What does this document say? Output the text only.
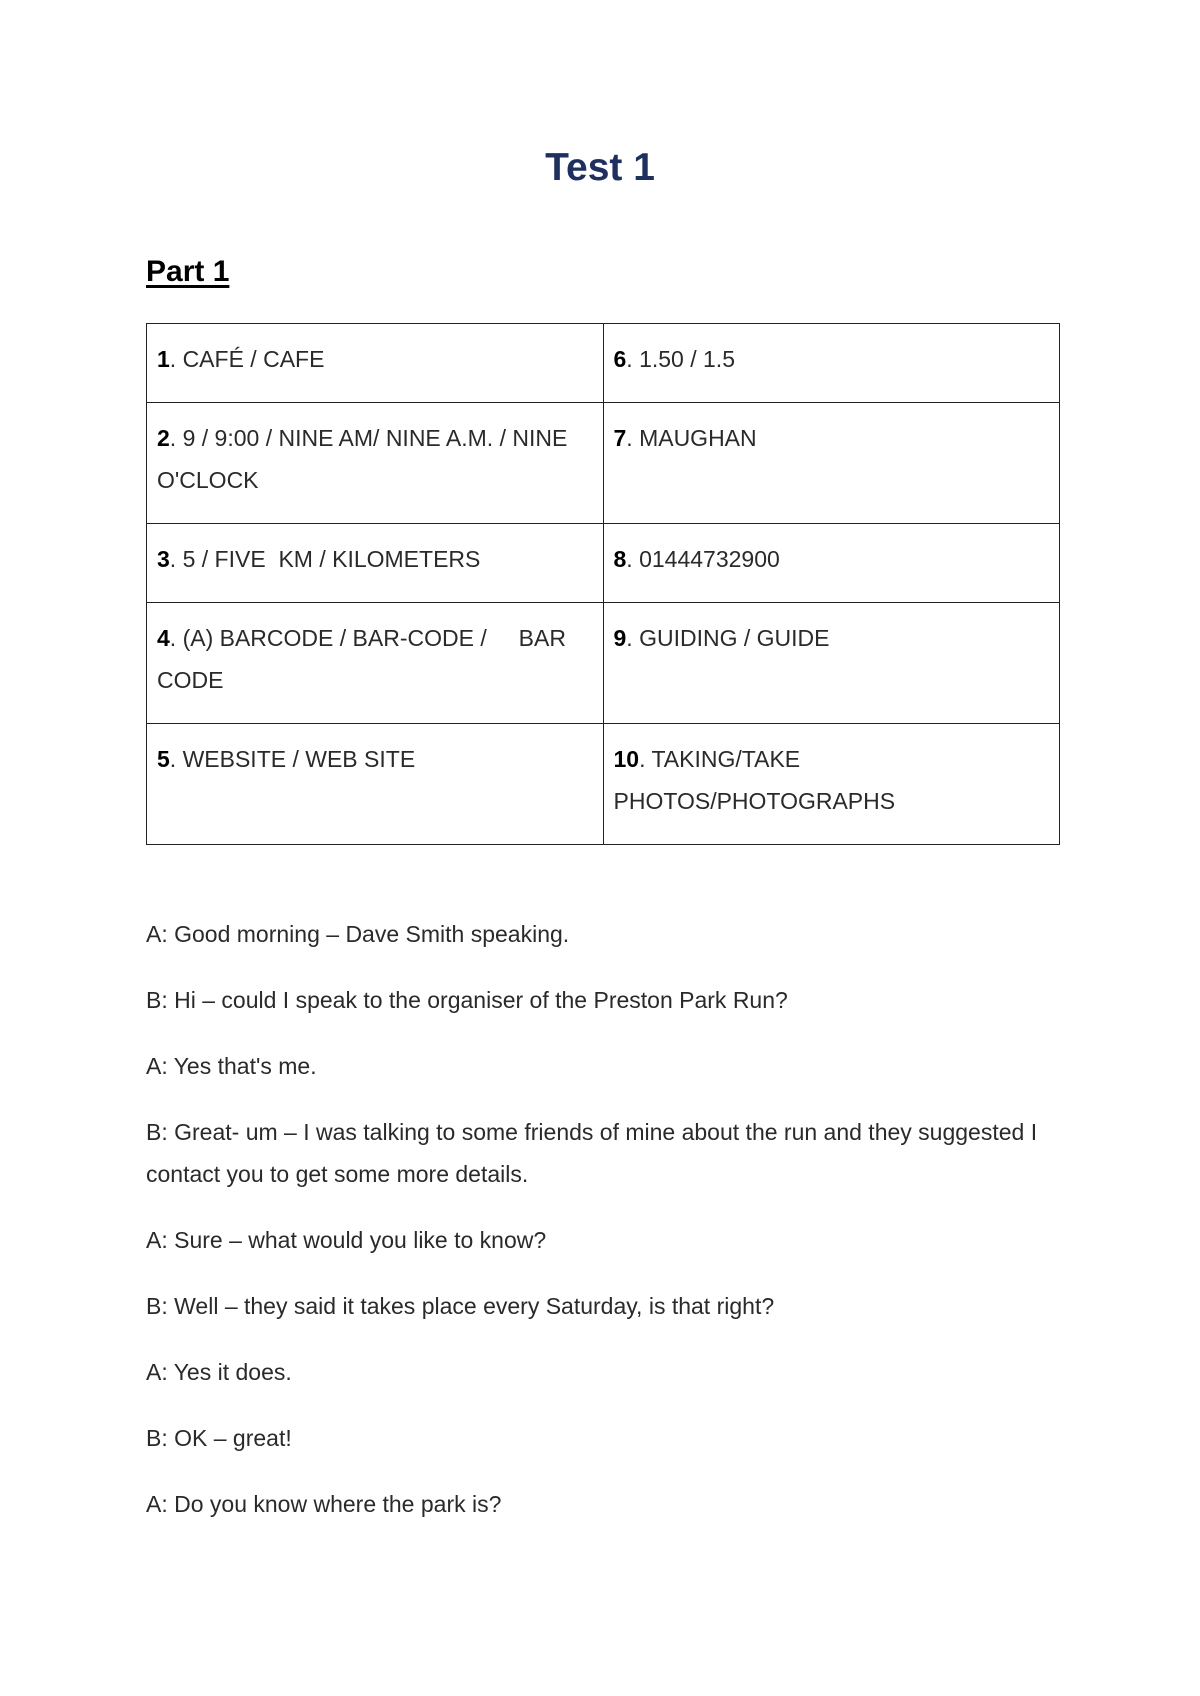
Test 1
Part 1
1. CAFÉ / CAFE	6. 1.50 / 1.5
2. 9 / 9:00 / NINE AM/ NINE A.M. / NINE O'CLOCK	7. MAUGHAN
3. 5 / FIVE  KM / KILOMETERS	8. 01444732900
4. (A) BARCODE / BAR-CODE /     BAR CODE	9. GUIDING / GUIDE
5. WEBSITE / WEB SITE	10. TAKING/TAKE PHOTOS/PHOTOGRAPHS

A: Good morning – Dave Smith speaking.

B: Hi – could I speak to the organiser of the Preston Park Run?

A: Yes that's me.

B: Great- um – I was talking to some friends of mine about the run and they suggested I contact you to get some more details.

A: Sure – what would you like to know?

B: Well – they said it takes place every Saturday, is that right?

A: Yes it does.

B: OK – great!

A: Do you know where the park is?
